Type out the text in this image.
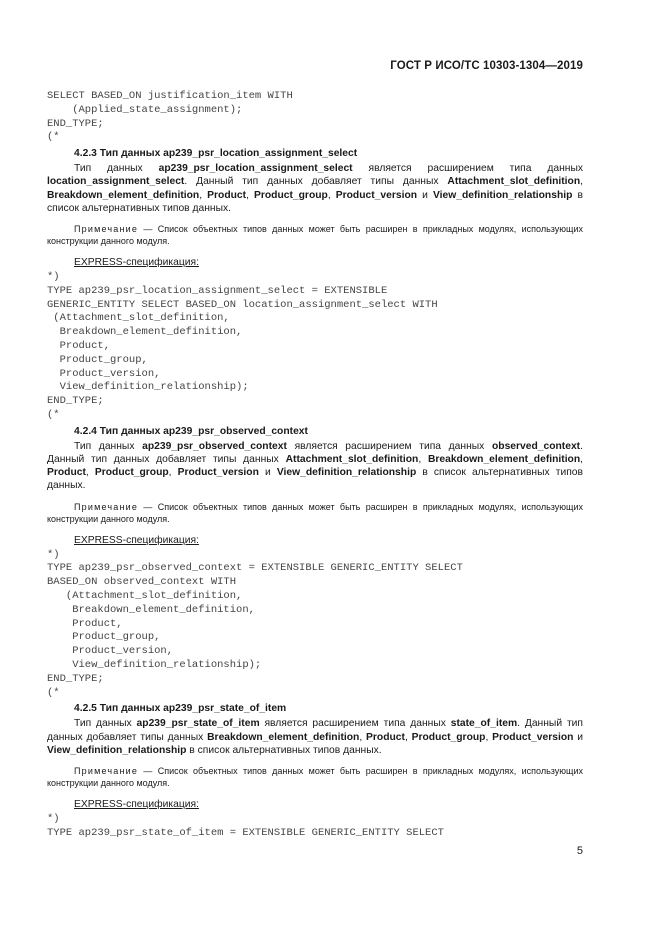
ГОСТ Р ИСО/ТС 10303-1304—2019
SELECT BASED_ON justification_item WITH
(Applied_state_assignment);
END_TYPE;
(*
4.2.3 Тип данных ap239_psr_location_assignment_select

Тип данных ap239_psr_location_assignment_select является расширением типа данных location_assignment_select. Данный тип данных добавляет типы данных Attachment_slot_definition, Breakdown_element_definition, Product, Product_group, Product_version и View_definition_relationship в список альтернативных типов данных.

Примечание — Список объектных типов данных может быть расширен в прикладных модулях, использующих конструкции данного модуля.

EXPRESS-спецификация:
*)
TYPE ap239_psr_location_assignment_select = EXTENSIBLE
GENERIC_ENTITY SELECT BASED_ON location_assignment_select WITH
(Attachment_slot_definition,
Breakdown_element_definition,
Product,
Product_group,
Product_version,
View_definition_relationship);
END_TYPE;
(*
4.2.4 Тип данных ap239_psr_observed_context

Тип данных ap239_psr_observed_context является расширением типа данных observed_context. Данный тип данных добавляет типы данных Attachment_slot_definition, Breakdown_element_definition, Product, Product_group, Product_version и View_definition_relationship в список альтернативных типов данных.

Примечание — Список объектных типов данных может быть расширен в прикладных модулях, использующих конструкции данного модуля.

EXPRESS-спецификация:
*)
TYPE ap239_psr_observed_context = EXTENSIBLE GENERIC_ENTITY SELECT
BASED_ON observed_context WITH
(Attachment_slot_definition,
Breakdown_element_definition,
Product,
Product_group,
Product_version,
View_definition_relationship);
END_TYPE;
(*
4.2.5 Тип данных ap239_psr_state_of_item

Тип данных ap239_psr_state_of_item является расширением типа данных state_of_item. Данный тип данных добавляет типы данных Breakdown_element_definition, Product, Product_group, Product_version и View_definition_relationship в список альтернативных типов данных.

Примечание — Список объектных типов данных может быть расширен в прикладных модулях, использующих конструкции данного модуля.

EXPRESS-спецификация:
*)
TYPE ap239_psr_state_of_item = EXTENSIBLE GENERIC_ENTITY SELECT
5
